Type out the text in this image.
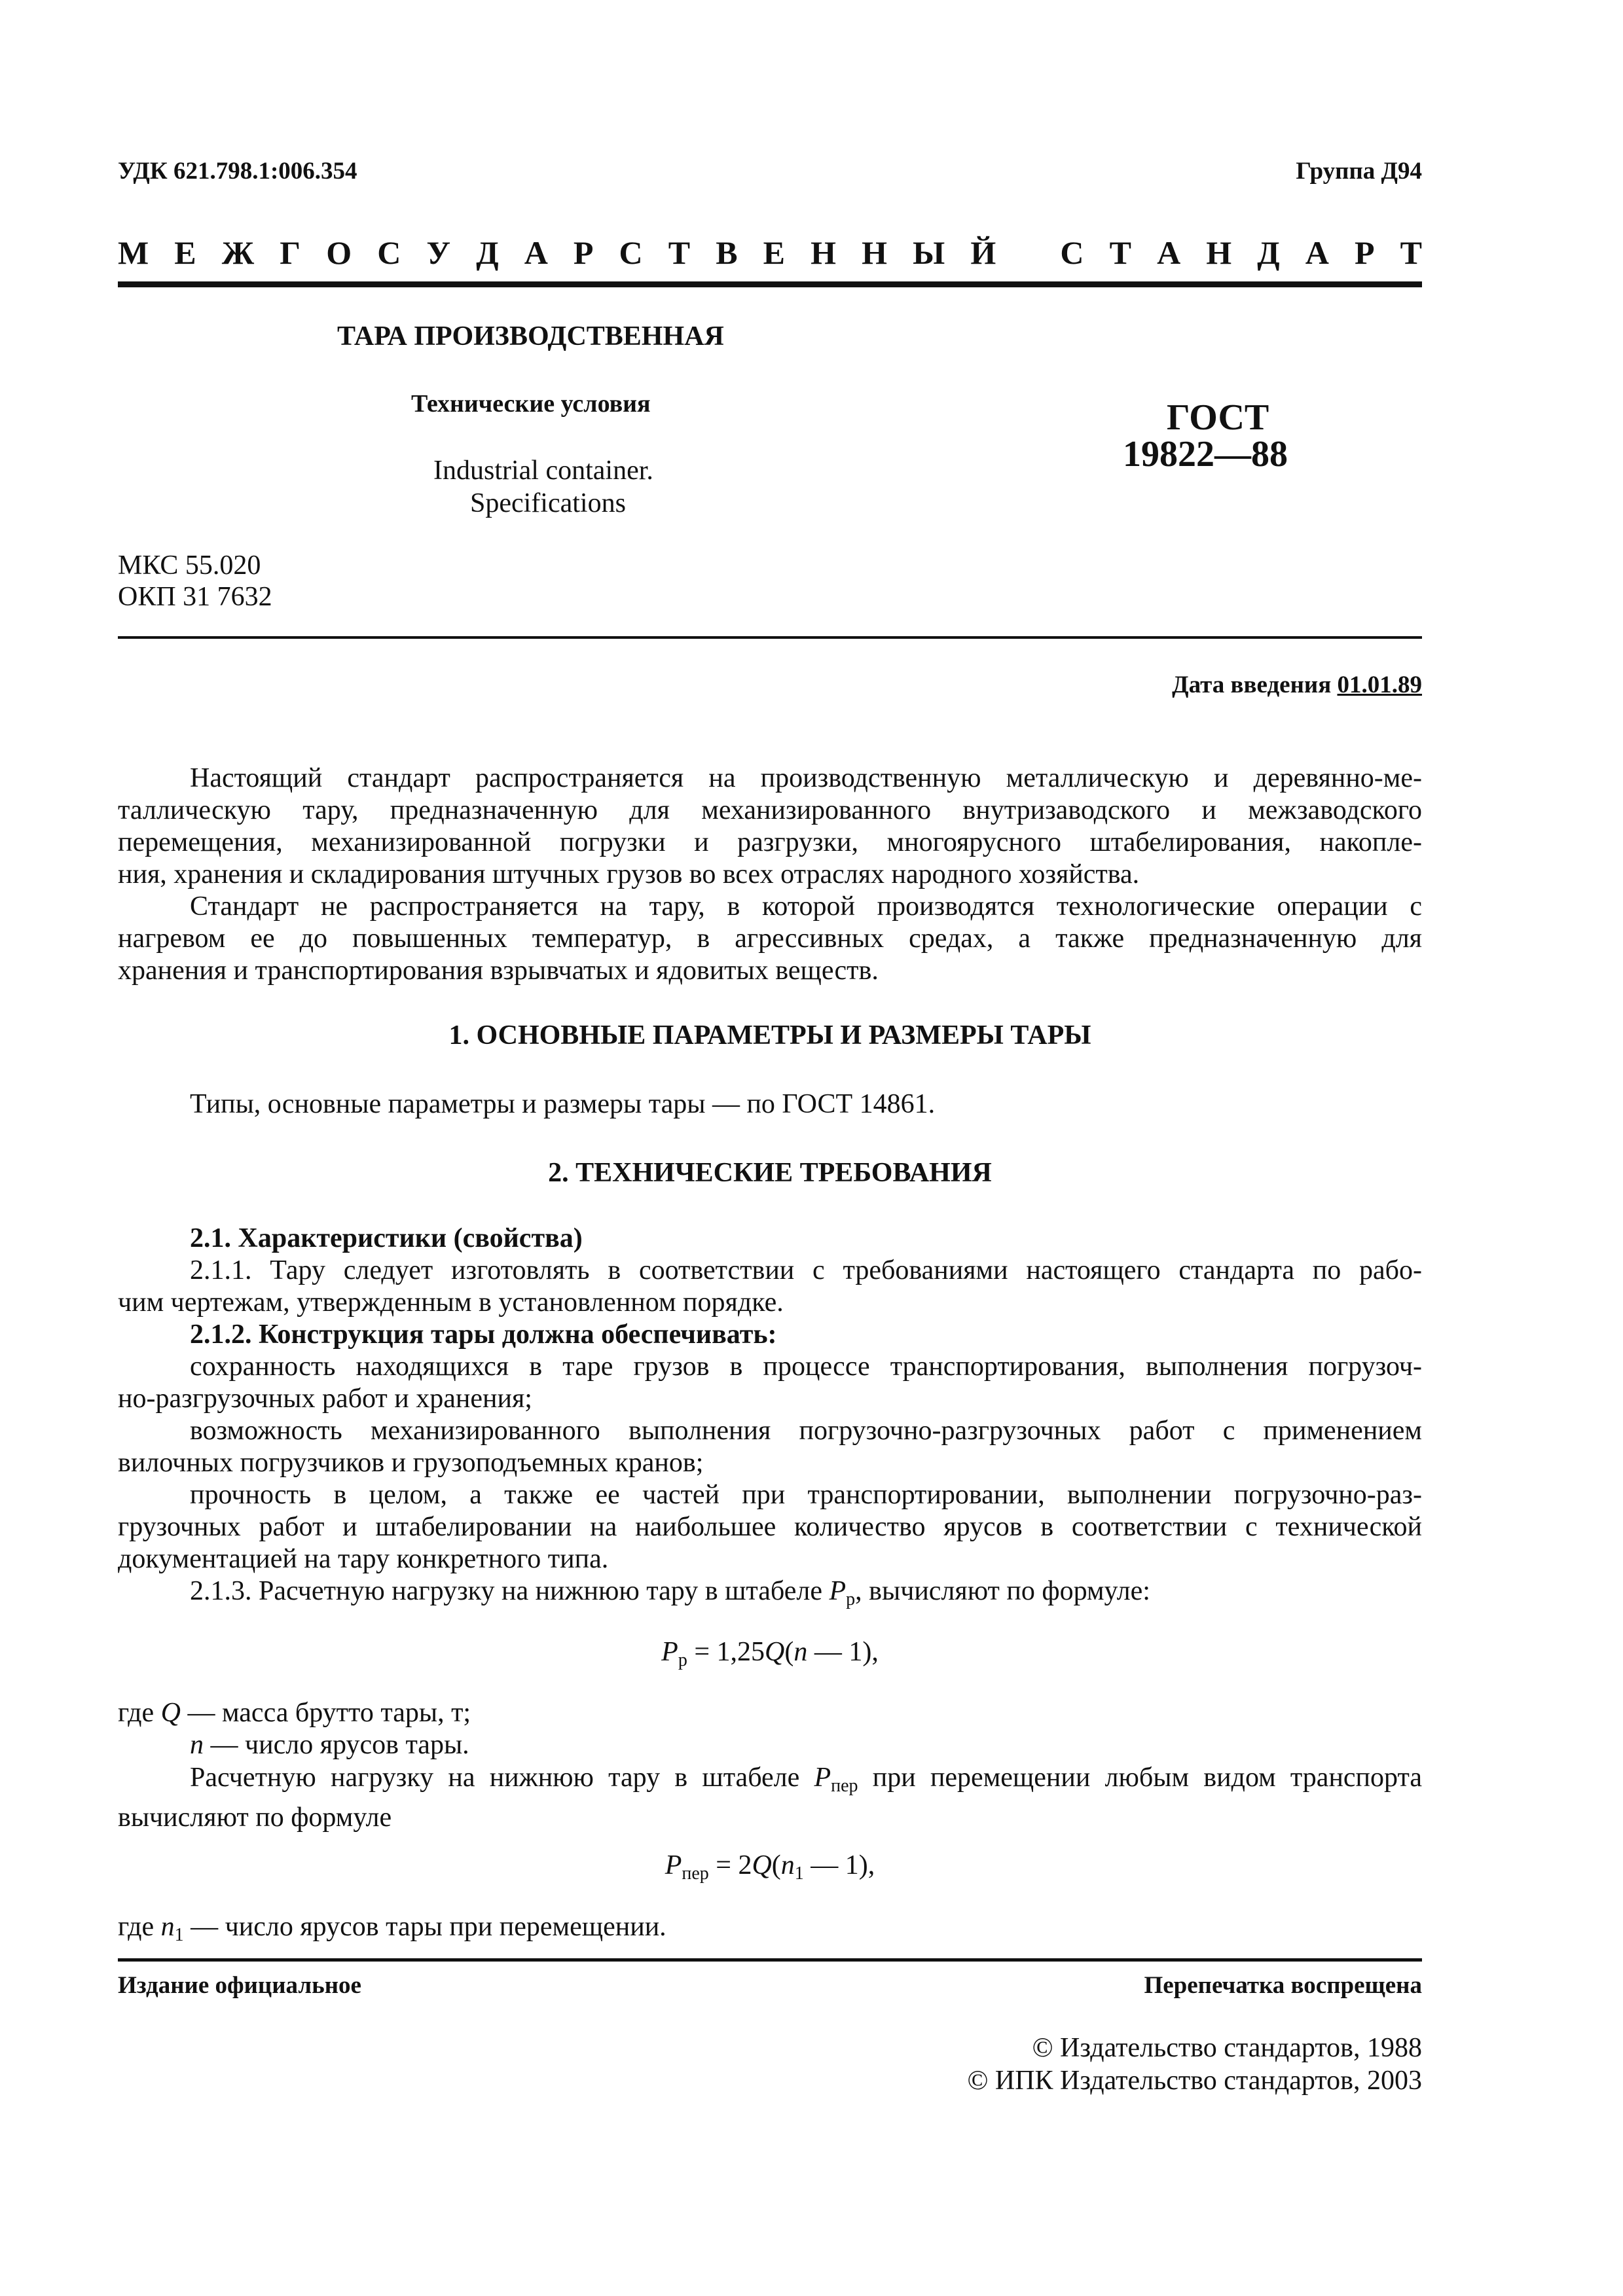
УДК 621.798.1:006.354	Группа Д94
М Е Ж Г О С У Д А Р С Т В Е Н Н Ы Й С Т А Н Д А Р Т
ТАРА ПРОИЗВОДСТВЕННАЯ
Технические условия
Industrial container.
Specifications
ГОСТ
19822—88
МКС 55.020
ОКП 31 7632
Дата введения 01.01.89
Настоящий стандарт распространяется на производственную металлическую и деревянно-ме-
таллическую тару, предназначенную для механизированного внутризаводского и межзаводского
перемещения, механизированной погрузки и разгрузки, многоярусного штабелирования, накопле-
ния, хранения и складирования штучных грузов во всех отраслях народного хозяйства.
Стандарт не распространяется на тару, в которой производятся технологические операции с
нагревом ее до повышенных температур, в агрессивных средах, а также предназначенную для
хранения и транспортирования взрывчатых и ядовитых веществ.
1. ОСНОВНЫЕ ПАРАМЕТРЫ И РАЗМЕРЫ ТАРЫ
Типы, основные параметры и размеры тары — по ГОСТ 14861.
2. ТЕХНИЧЕСКИЕ ТРЕБОВАНИЯ
2.1. Характеристики (свойства)
2.1.1. Тару следует изготовлять в соответствии с требованиями настоящего стандарта по рабо-
чим чертежам, утвержденным в установленном порядке.
2.1.2. Конструкция тары должна обеспечивать:
сохранность находящихся в таре грузов в процессе транспортирования, выполнения погрузоч-
но-разгрузочных работ и хранения;
возможность механизированного выполнения погрузочно-разгрузочных работ с применением
вилочных погрузчиков и грузоподъемных кранов;
прочность в целом, а также ее частей при транспортировании, выполнении погрузочно-раз-
грузочных работ и штабелировании на наибольшее количество ярусов в соответствии с технической
документацией на тару конкретного типа.
2.1.3. Расчетную нагрузку на нижнюю тару в штабеле $P_р$, вычисляют по формуле:
$P_р = 1,25Q(n$ — 1),
где Q — масса брутто тары, т;
n — число ярусов тары.
Расчетную нагрузку на нижнюю тару в штабеле $P_{пер}$ при перемещении любым видом транспорта
вычисляют по формуле
$P_{пер} = 2Q(n_1$ — 1),
где $n_1$ — число ярусов тары при перемещении.
Издание официальное	Перепечатка воспрещена
© Издательство стандартов, 1988
© ИПК Издательство стандартов, 2003
